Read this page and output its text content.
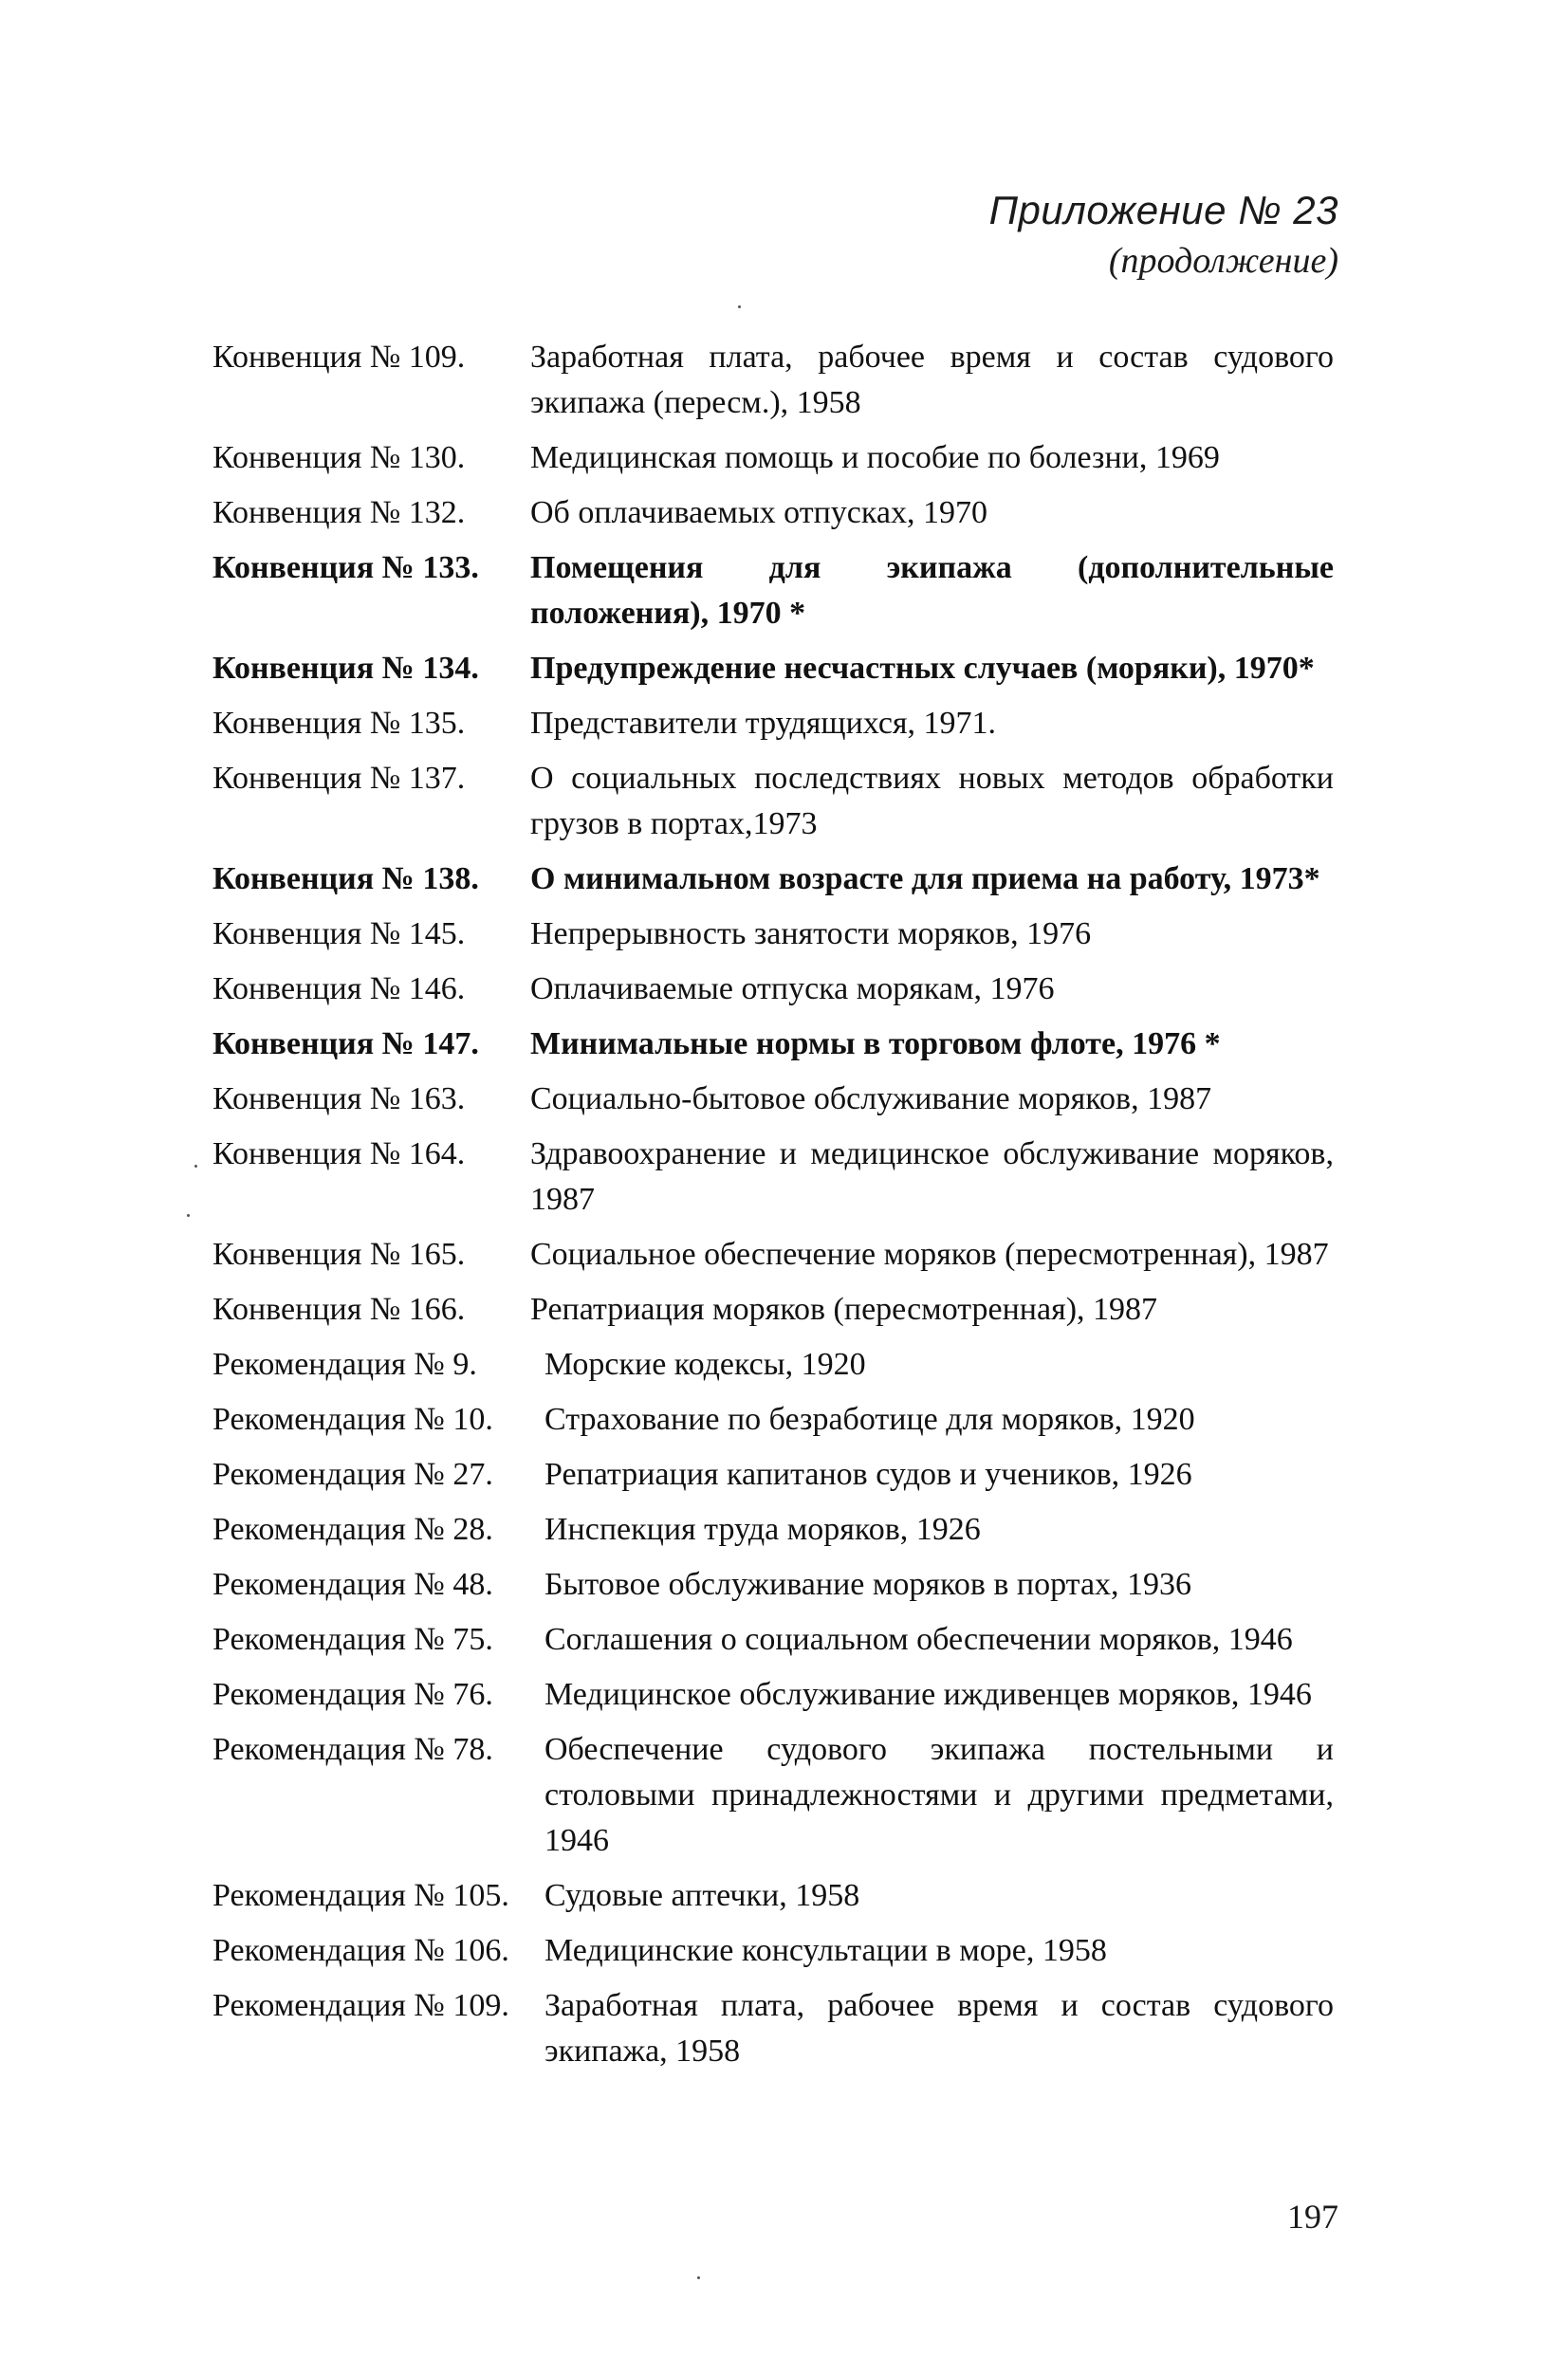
Приложение № 23
(продолжение)
Конвенция № 109. Заработная плата, рабочее время и состав судового экипажа (пересм.), 1958
Конвенция № 130. Медицинская помощь и пособие по болезни, 1969
Конвенция № 132. Об оплачиваемых отпусках, 1970
Конвенция № 133. Помещения для экипажа (дополнительные положения), 1970 *
Конвенция № 134. Предупреждение несчастных случаев (моряки), 1970*
Конвенция № 135. Представители трудящихся, 1971.
Конвенция № 137. О социальных последствиях новых методов обработки грузов в портах,1973
Конвенция № 138. О минимальном возрасте для приема на работу, 1973*
Конвенция № 145. Непрерывность занятости моряков, 1976
Конвенция № 146. Оплачиваемые отпуска морякам, 1976
Конвенция № 147. Минимальные нормы в торговом флоте, 1976 *
Конвенция № 163. Социально-бытовое обслуживание моряков, 1987
Конвенция № 164. Здравоохранение и медицинское обслуживание моряков, 1987
Конвенция № 165. Социальное обеспечение моряков (пересмотренная), 1987
Конвенция № 166. Репатриация моряков (пересмотренная), 1987
Рекомендация № 9. Морские кодексы, 1920
Рекомендация № 10. Страхование по безработице для моряков, 1920
Рекомендация № 27. Репатриация капитанов судов и учеников, 1926
Рекомендация № 28. Инспекция труда моряков, 1926
Рекомендация № 48. Бытовое обслуживание моряков в портах, 1936
Рекомендация № 75. Соглашения о социальном обеспечении моряков, 1946
Рекомендация № 76. Медицинское обслуживание иждивенцев моряков, 1946
Рекомендация № 78. Обеспечение судового экипажа постельными и столовыми принадлежностями и другими предметами, 1946
Рекомендация № 105. Судовые аптечки, 1958
Рекомендация № 106. Медицинские консультации в море, 1958
Рекомендация № 109. Заработная плата, рабочее время и состав судового экипажа, 1958
197
